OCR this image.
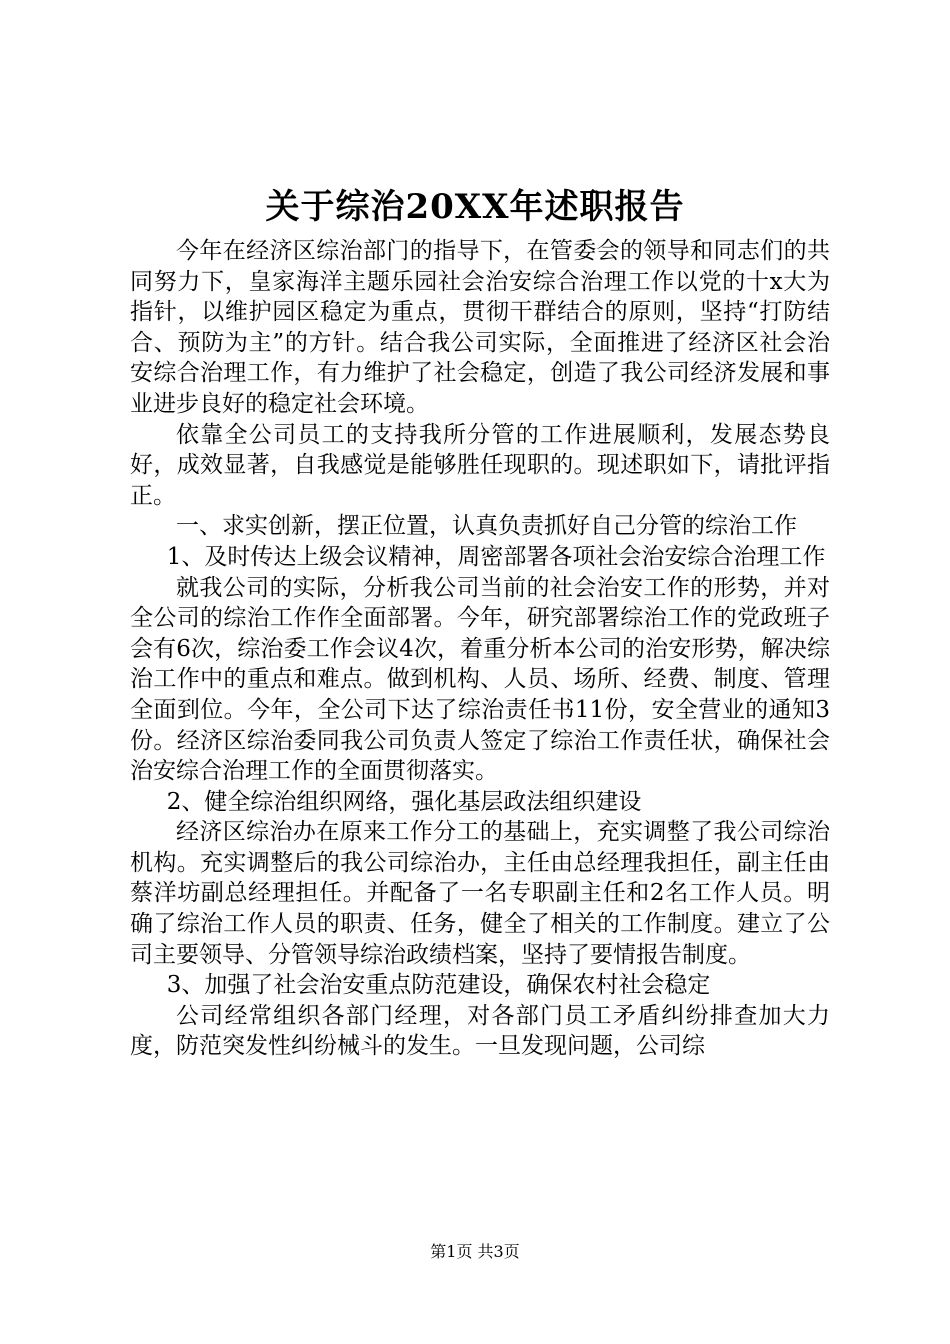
关于综治20XX年述职报告

今年在经济区综治部门的指导下，在管委会的领导和同志们的共同努力下，皇家海洋主题乐园社会治安综合治理工作以党的十x大为指针，以维护园区稳定为重点，贯彻干群结合的原则，坚持“打防结合、预防为主”的方针。结合我公司实际，全面推进了经济区社会治安综合治理工作，有力维护了社会稳定，创造了我公司经济发展和事业进步良好的稳定社会环境。

依靠全公司员工的支持我所分管的工作进展顺利，发展态势良好，成效显著，自我感觉是能够胜任现职的。现述职如下，请批评指正。

一、求实创新，摆正位置，认真负责抓好自己分管的综治工作

1、及时传达上级会议精神，周密部署各项社会治安综合治理工作

就我公司的实际，分析我公司当前的社会治安工作的形势，并对全公司的综治工作作全面部署。今年，研究部署综治工作的党政班子会有6次，综治委工作会议4次，着重分析本公司的治安形势，解决综治工作中的重点和难点。做到机构、人员、场所、经费、制度、管理全面到位。今年，全公司下达了综治责任书11份，安全营业的通知3份。经济区综治委同我公司负责人签定了综治工作责任状，确保社会治安综合治理工作的全面贯彻落实。

2、健全综治组织网络，强化基层政法组织建设

经济区综治办在原来工作分工的基础上，充实调整了我公司综治机构。充实调整后的我公司综治办，主任由总经理我担任，副主任由蔡洋坊副总经理担任。并配备了一名专职副主任和2名工作人员。明确了综治工作人员的职责、任务，健全了相关的工作制度。建立了公司主要领导、分管领导综治政绩档案，坚持了要情报告制度。

3、加强了社会治安重点防范建设，确保农村社会稳定

公司经常组织各部门经理，对各部门员工矛盾纠纷排查加大力度，防范突发性纠纷械斗的发生。一旦发现问题，公司综

第1页 共3页
